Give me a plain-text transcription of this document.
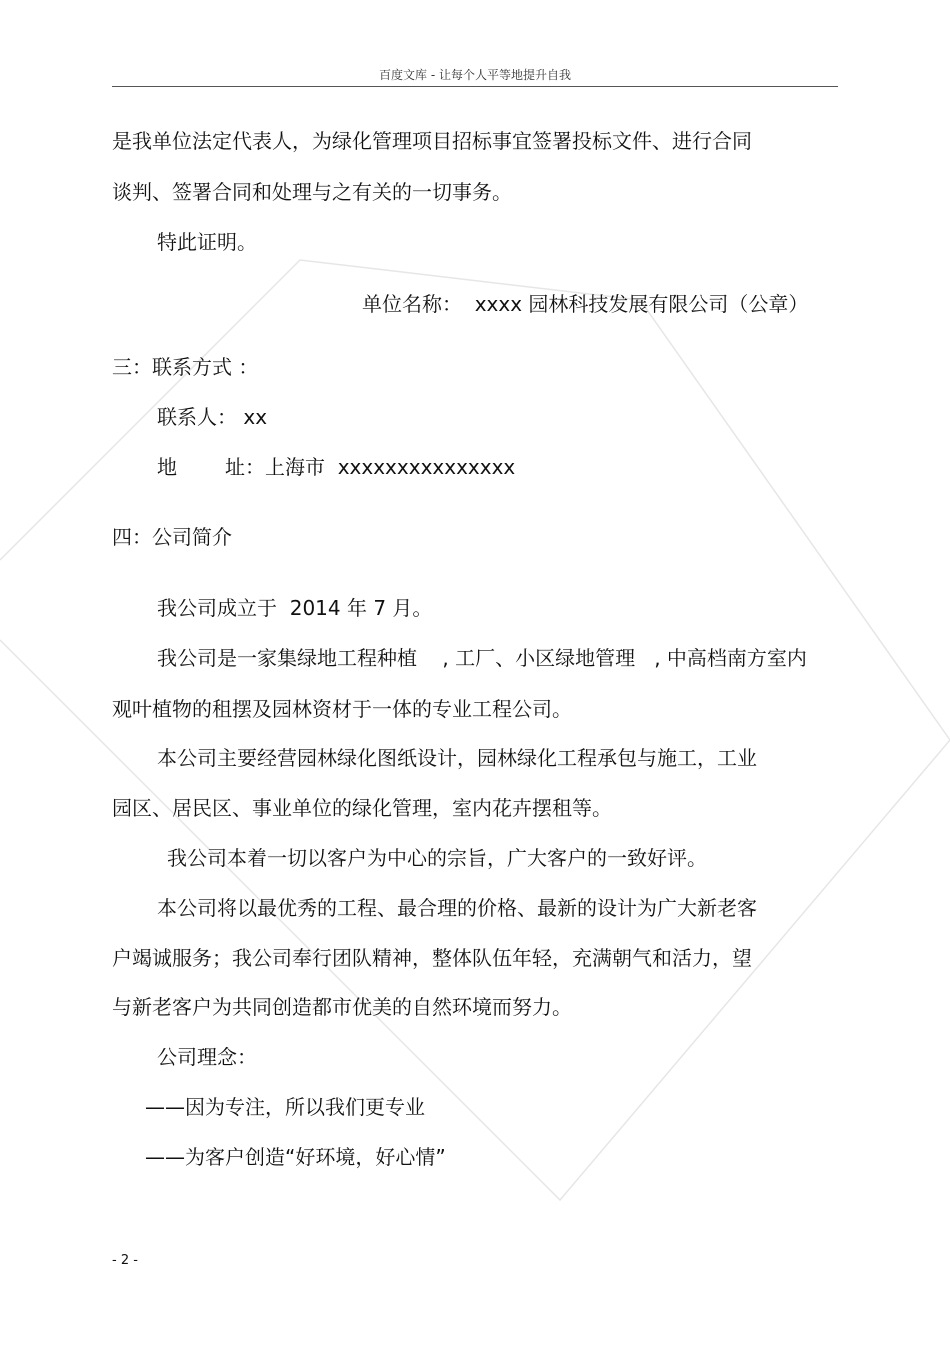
百度文库 - 让每个人平等地提升自我
是我单位法定代表人，为绿化管理项目招标事宜签署投标文件、进行合同
谈判、签署合同和处理与之有关的一切事务。
特此证明。
单位名称：  xxxx 园林科技发展有限公司（公章）
三：联系方式 ：
联系人： xx
地 址：上海市  xxxxxxxxxxxxxxx
四：公司简介
我公司成立于  2014 年 7 月。
我公司是一家集绿地工程种植    , 工厂、小区绿地管理   , 中高档南方室内
观叶植物的租摆及园林资材于一体的专业工程公司。
本公司主要经营园林绿化图纸设计，园林绿化工程承包与施工，工业
园区、居民区、事业单位的绿化管理，室内花卉摆租等。
我公司本着一切以客户为中心的宗旨，广大客户的一致好评。
本公司将以最优秀的工程、最合理的价格、最新的设计为广大新老客
户竭诚服务；我公司奉行团队精神，整体队伍年轻，充满朝气和活力，望
与新老客户为共同创造都市优美的自然环境而努力。
公司理念：
——因为专注，所以我们更专业
——为客户创造“好环境，好心情”
- 2 -
